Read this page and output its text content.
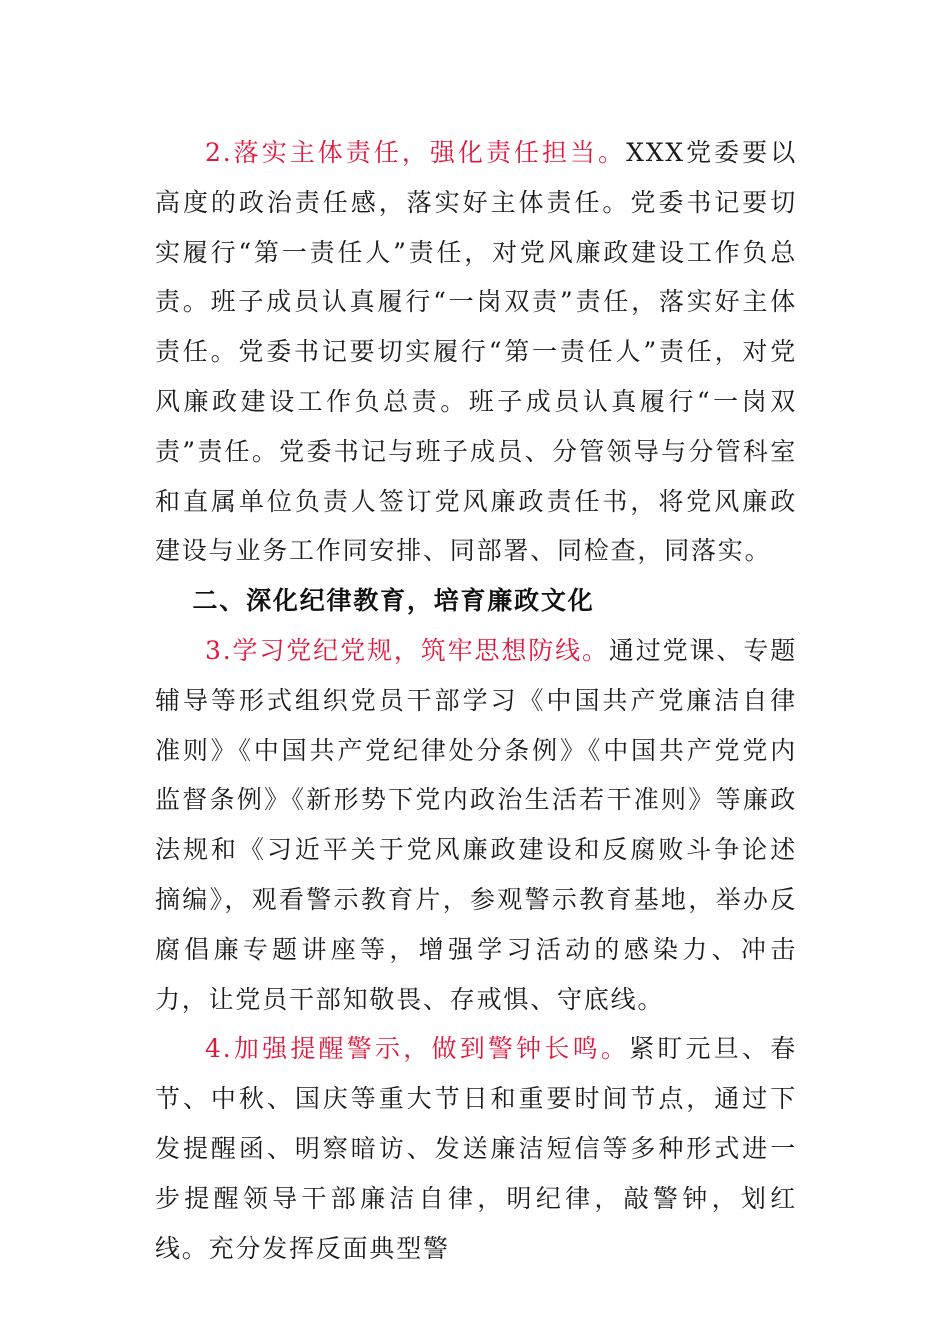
2.落实主体责任，强化责任担当。XXX党委要以高度的政治责任感，落实好主体责任。党委书记要切实履行“第一责任人”责任，对党风廉政建设工作负总责。班子成员认真履行“一岗双责”责任，落实好主体责任。党委书记要切实履行“第一责任人”责任，对党风廉政建设工作负总责。班子成员认真履行“一岗双责”责任。党委书记与班子成员、分管领导与分管科室和直属单位负责人签订党风廉政责任书，将党风廉政建设与业务工作同安排、同部署、同检查，同落实。

二、深化纪律教育，培育廉政文化

3.学习党纪党规，筑牢思想防线。通过党课、专题辅导等形式组织党员干部学习《中国共产党廉洁自律准则》《中国共产党纪律处分条例》《中国共产党党内监督条例》《新形势下党内政治生活若干准则》等廉政法规和《习近平关于党风廉政建设和反腐败斗争论述摘编》，观看警示教育片，参观警示教育基地，举办反腐倡廉专题讲座等，增强学习活动的感染力、冲击力，让党员干部知敬畏、存戒惧、守底线。

4.加强提醒警示，做到警钟长鸣。紧盯元旦、春节、中秋、国庆等重大节日和重要时间节点，通过下发提醒函、明察暗访、发送廉洁短信等多种形式进一步提醒领导干部廉洁自律，明纪律，敲警钟，划红线。充分发挥反面典型警
